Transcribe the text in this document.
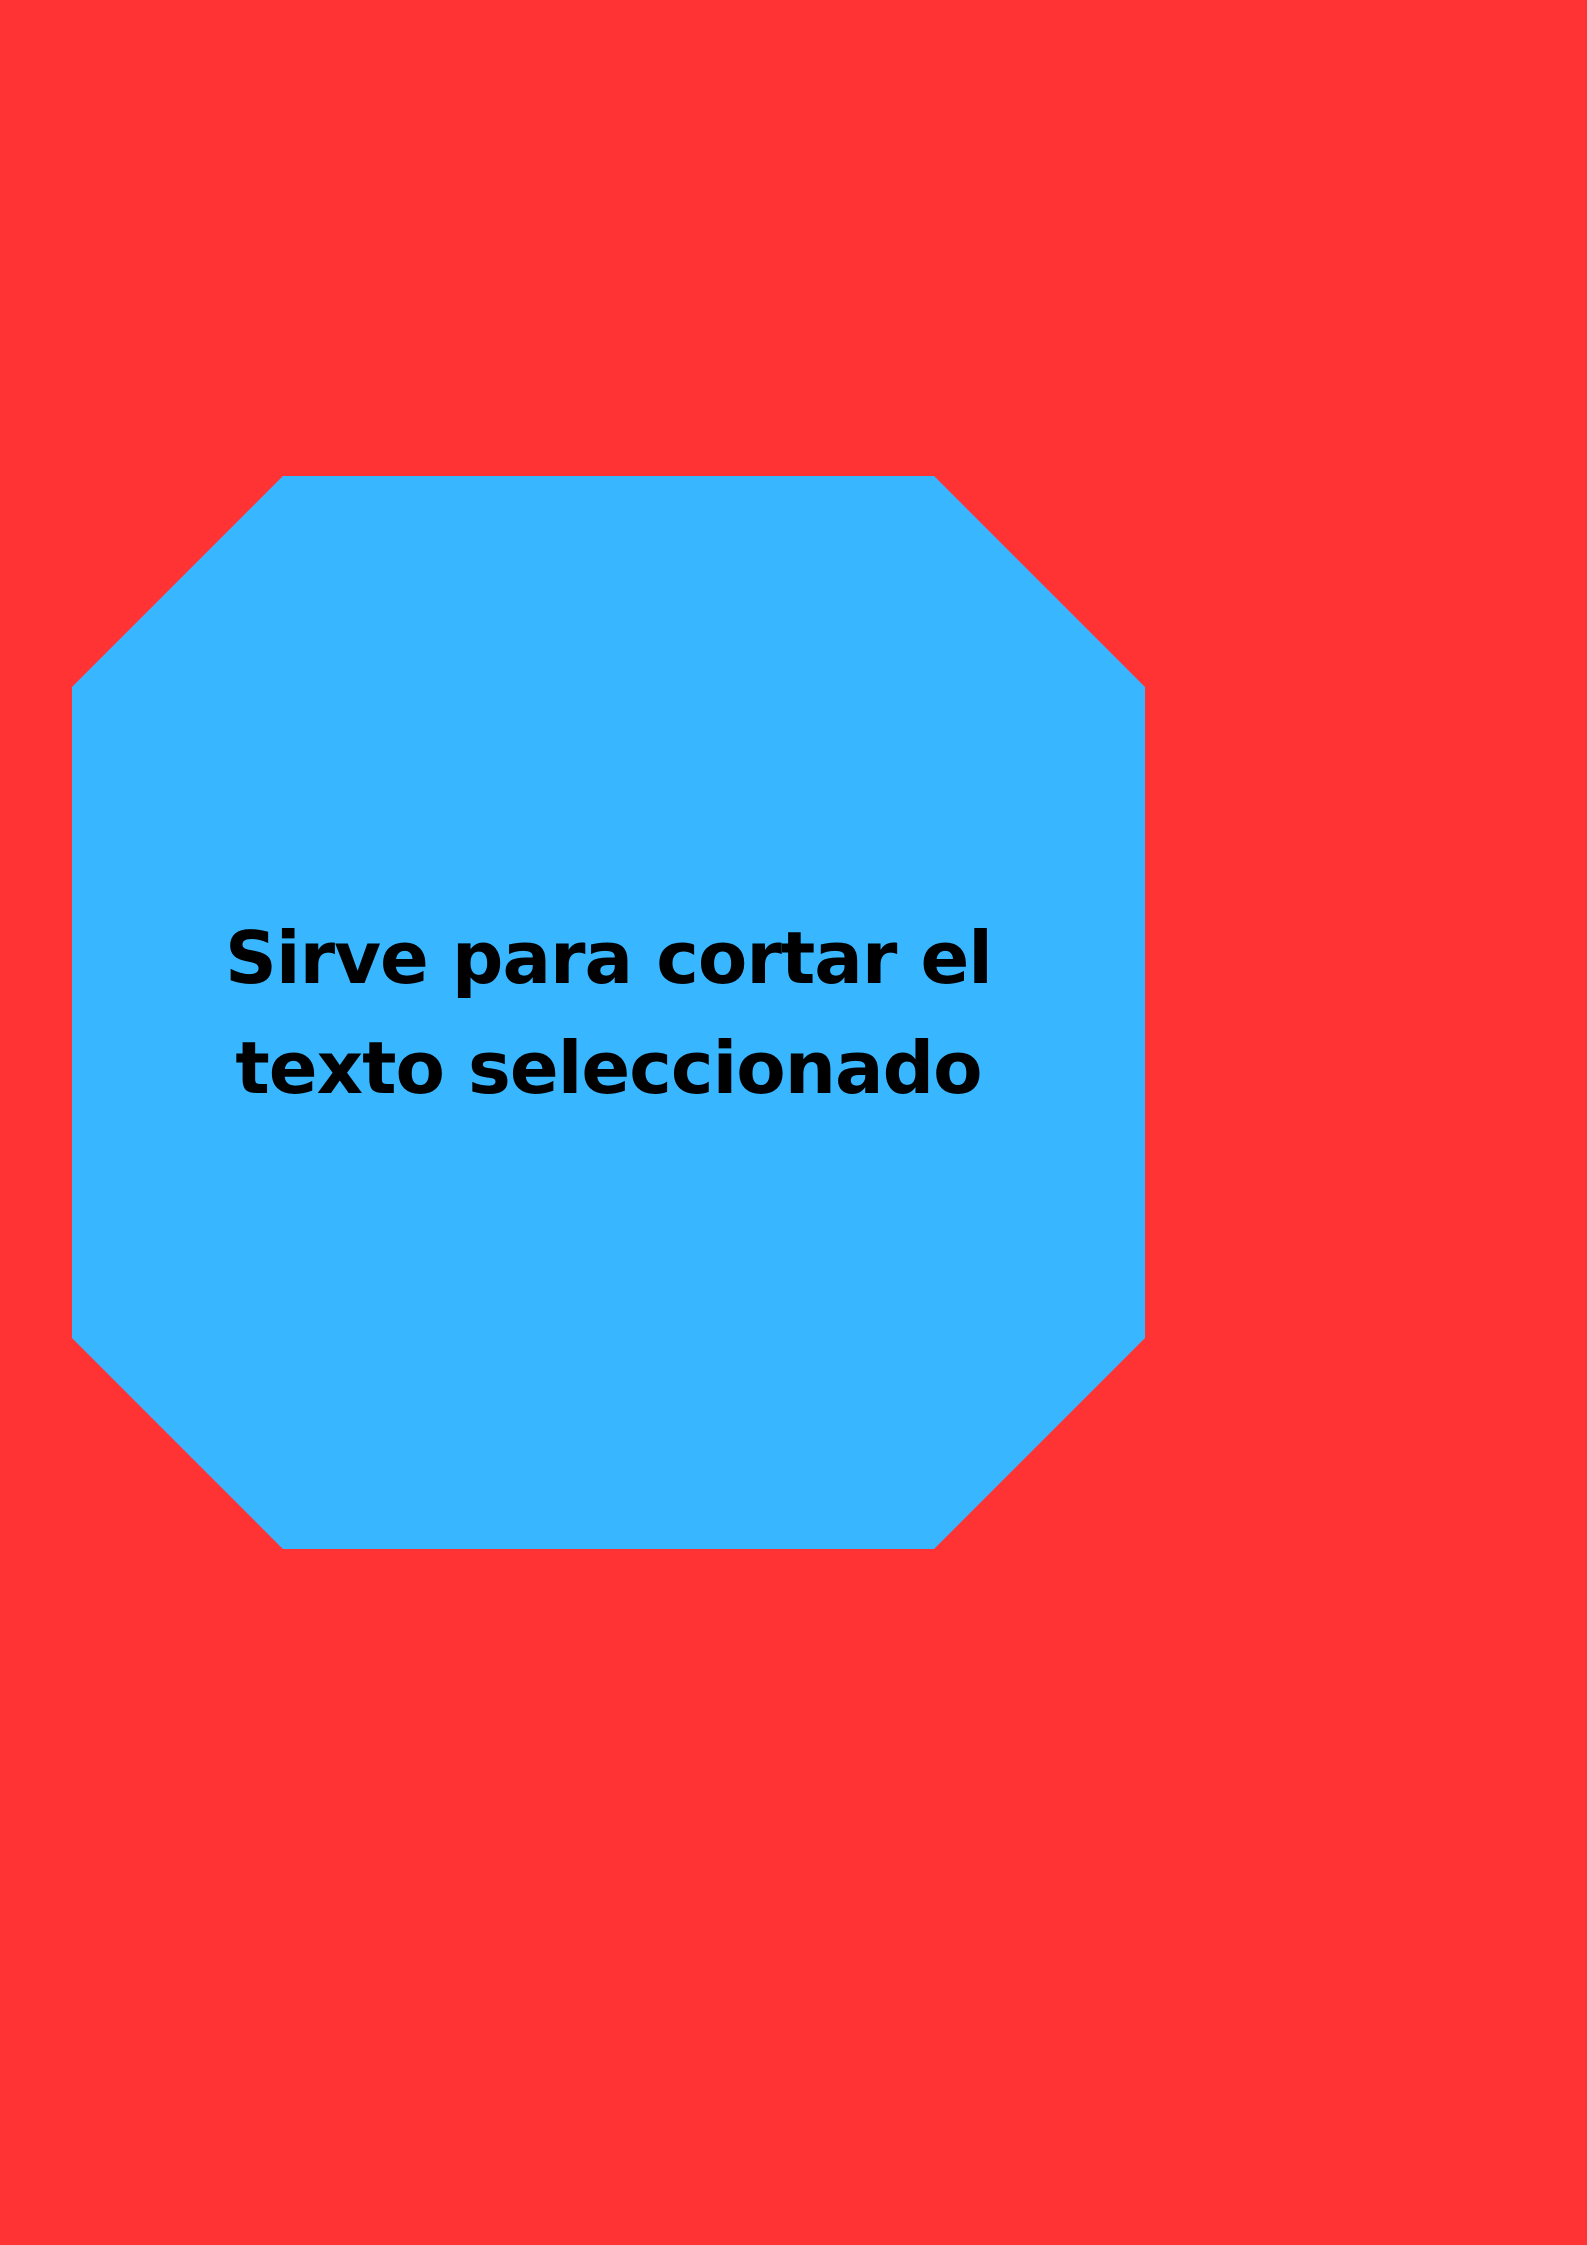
Sirve para cortar el texto seleccionado
